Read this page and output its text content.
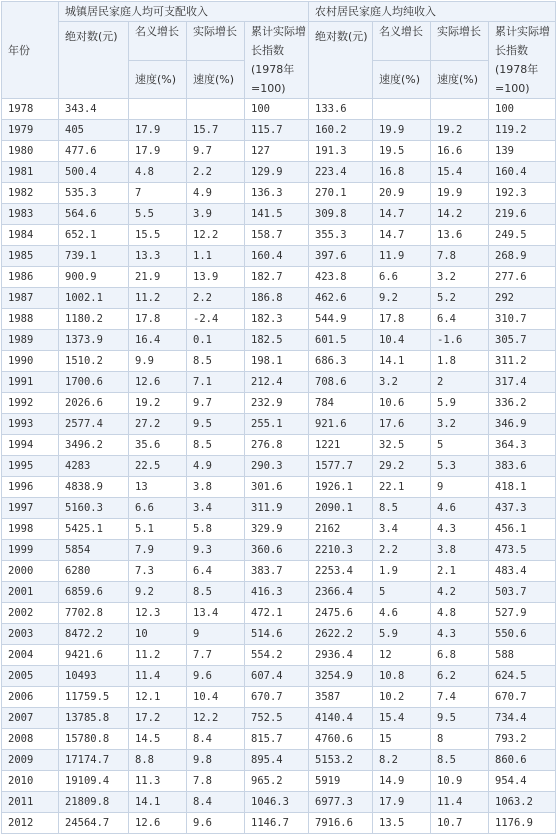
年份	城镇居民家庭人均可支配收入				农村居民家庭人均纯收入			
	绝对数(元)	名义增长	实际增长	累计实际增长指数(1978年=100)	绝对数(元)	名义增长	实际增长	累计实际增长指数(1978年=100)
		速度(%)	速度(%)			速度(%)	速度(%)	
1978	343.4			100	133.6			100
1979	405	17.9	15.7	115.7	160.2	19.9	19.2	119.2
1980	477.6	17.9	9.7	127	191.3	19.5	16.6	139
1981	500.4	4.8	2.2	129.9	223.4	16.8	15.4	160.4
1982	535.3	7	4.9	136.3	270.1	20.9	19.9	192.3
1983	564.6	5.5	3.9	141.5	309.8	14.7	14.2	219.6
1984	652.1	15.5	12.2	158.7	355.3	14.7	13.6	249.5
1985	739.1	13.3	1.1	160.4	397.6	11.9	7.8	268.9
1986	900.9	21.9	13.9	182.7	423.8	6.6	3.2	277.6
1987	1002.1	11.2	2.2	186.8	462.6	9.2	5.2	292
1988	1180.2	17.8	-2.4	182.3	544.9	17.8	6.4	310.7
1989	1373.9	16.4	0.1	182.5	601.5	10.4	-1.6	305.7
1990	1510.2	9.9	8.5	198.1	686.3	14.1	1.8	311.2
1991	1700.6	12.6	7.1	212.4	708.6	3.2	2	317.4
1992	2026.6	19.2	9.7	232.9	784	10.6	5.9	336.2
1993	2577.4	27.2	9.5	255.1	921.6	17.6	3.2	346.9
1994	3496.2	35.6	8.5	276.8	1221	32.5	5	364.3
1995	4283	22.5	4.9	290.3	1577.7	29.2	5.3	383.6
1996	4838.9	13	3.8	301.6	1926.1	22.1	9	418.1
1997	5160.3	6.6	3.4	311.9	2090.1	8.5	4.6	437.3
1998	5425.1	5.1	5.8	329.9	2162	3.4	4.3	456.1
1999	5854	7.9	9.3	360.6	2210.3	2.2	3.8	473.5
2000	6280	7.3	6.4	383.7	2253.4	1.9	2.1	483.4
2001	6859.6	9.2	8.5	416.3	2366.4	5	4.2	503.7
2002	7702.8	12.3	13.4	472.1	2475.6	4.6	4.8	527.9
2003	8472.2	10	9	514.6	2622.2	5.9	4.3	550.6
2004	9421.6	11.2	7.7	554.2	2936.4	12	6.8	588
2005	10493	11.4	9.6	607.4	3254.9	10.8	6.2	624.5
2006	11759.5	12.1	10.4	670.7	3587	10.2	7.4	670.7
2007	13785.8	17.2	12.2	752.5	4140.4	15.4	9.5	734.4
2008	15780.8	14.5	8.4	815.7	4760.6	15	8	793.2
2009	17174.7	8.8	9.8	895.4	5153.2	8.2	8.5	860.6
2010	19109.4	11.3	7.8	965.2	5919	14.9	10.9	954.4
2011	21809.8	14.1	8.4	1046.3	6977.3	17.9	11.4	1063.2
2012	24564.7	12.6	9.6	1146.7	7916.6	13.5	10.7	1176.9
